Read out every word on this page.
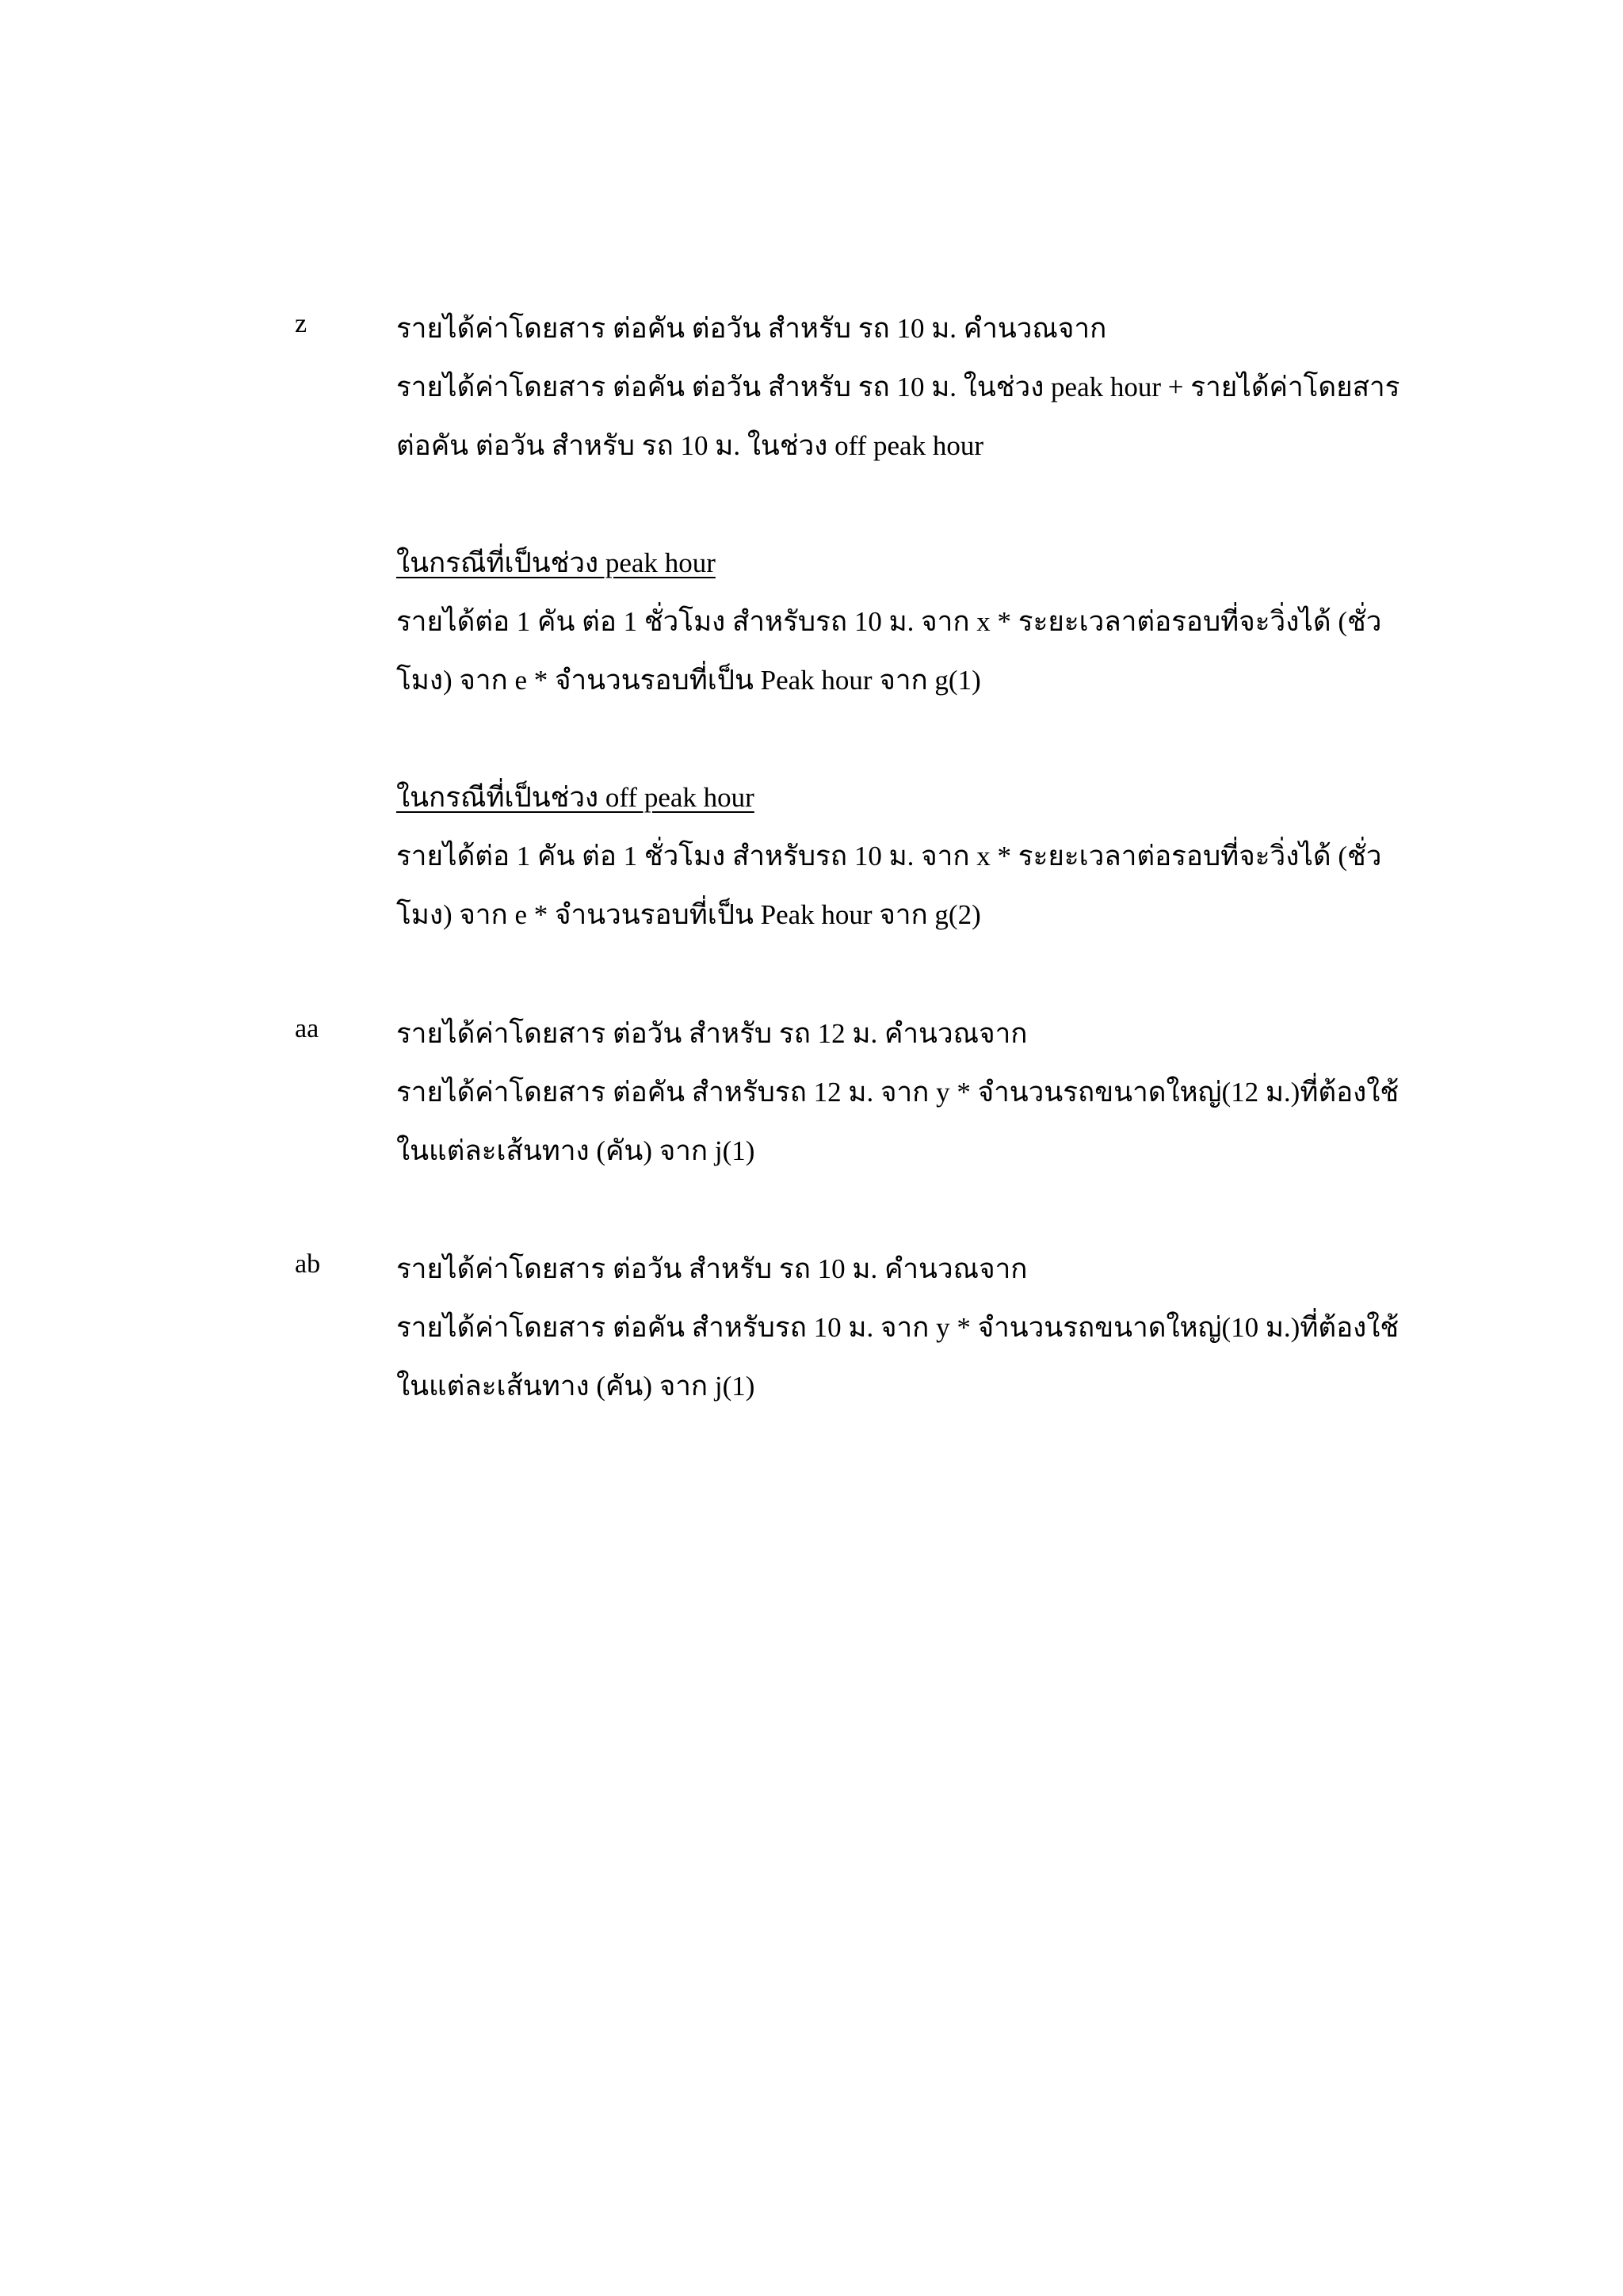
z	รายได้ค่าโดยสาร ต่อคัน ต่อวัน สำหรับ รถ 10 ม. คำนวณจาก
รายได้ค่าโดยสาร ต่อคัน ต่อวัน สำหรับ รถ 10 ม. ในช่วง peak hour + รายได้ค่าโดยสาร
ต่อคัน ต่อวัน สำหรับ รถ 10 ม. ในช่วง off peak hour
ในกรณีที่เป็นช่วง peak hour
รายได้ต่อ 1 คัน ต่อ 1 ชั่วโมง สำหรับรถ 10 ม. จาก x * ระยะเวลาต่อรอบที่จะวิ่งได้ (ชั่ว
โมง) จาก e * จำนวนรอบที่เป็น Peak hour จาก g(1)
ในกรณีที่เป็นช่วง off peak hour
รายได้ต่อ 1 คัน ต่อ 1 ชั่วโมง สำหรับรถ 10 ม. จาก x * ระยะเวลาต่อรอบที่จะวิ่งได้ (ชั่ว
โมง) จาก e * จำนวนรอบที่เป็น Peak hour จาก g(2)
aa	รายได้ค่าโดยสาร ต่อวัน สำหรับ รถ 12 ม. คำนวณจาก
รายได้ค่าโดยสาร ต่อคัน สำหรับรถ 12 ม. จาก y * จำนวนรถขนาดใหญ่(12 ม.)ที่ต้องใช้
ในแต่ละเส้นทาง (คัน) จาก j(1)
ab	รายได้ค่าโดยสาร ต่อวัน สำหรับ รถ 10 ม. คำนวณจาก
รายได้ค่าโดยสาร ต่อคัน สำหรับรถ 10 ม. จาก y * จำนวนรถขนาดใหญ่(10 ม.)ที่ต้องใช้
ในแต่ละเส้นทาง (คัน) จาก j(1)
